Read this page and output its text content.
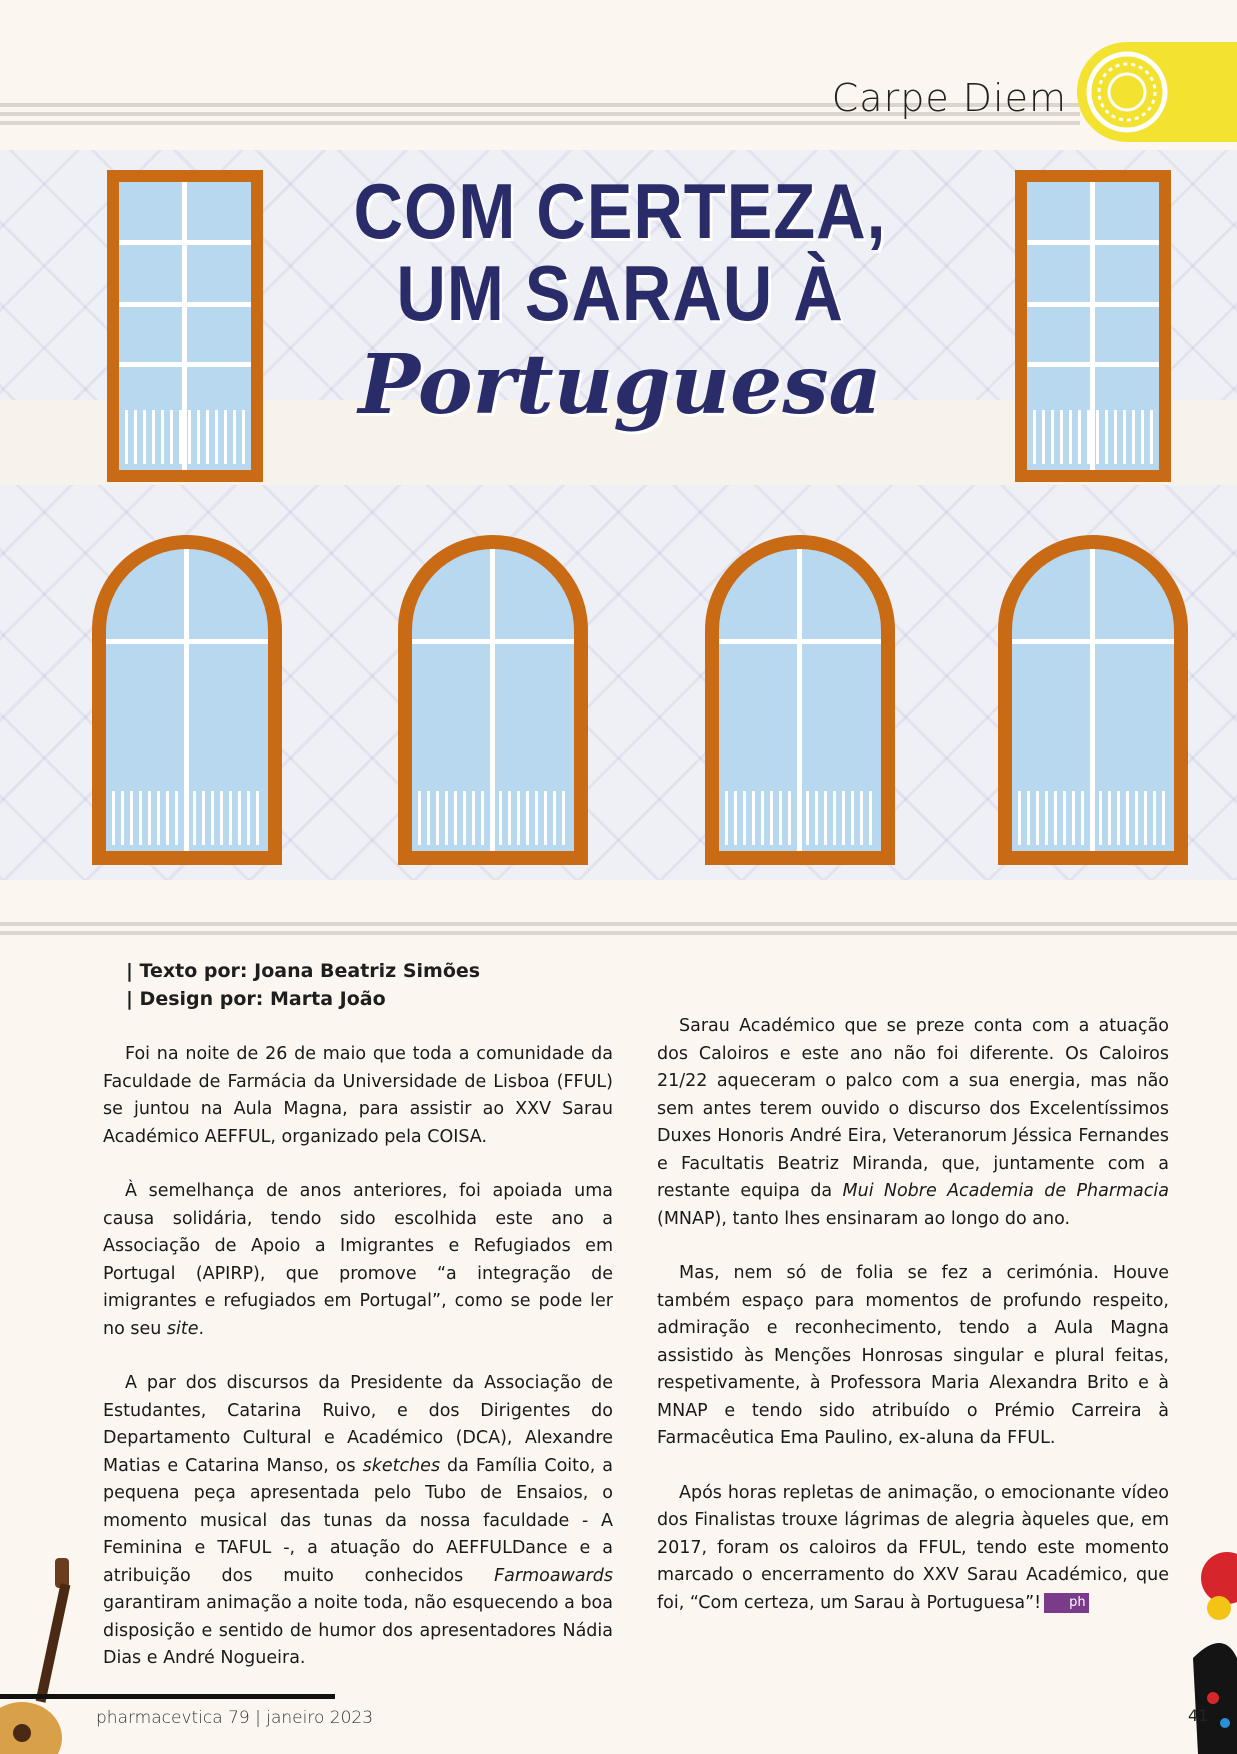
Carpe Diem
COM CERTEZA,
UM SARAU À
Portuguesa
| Texto por: Joana Beatriz Simões
| Design por: Marta João

Foi na noite de 26 de maio que toda a comunidade da Faculdade de Farmácia da Universidade de Lisboa (FFUL) se juntou na Aula Magna, para assistir ao XXV Sarau Académico AEFFUL, organizado pela COISA.

À semelhança de anos anteriores, foi apoiada uma causa solidária, tendo sido escolhida este ano a Associação de Apoio a Imigrantes e Refugiados em Portugal (APIRP), que promove “a integração de imigrantes e refugiados em Portugal”, como se pode ler no seu site.

A par dos discursos da Presidente da Associação de Estudantes, Catarina Ruivo, e dos Dirigentes do Departamento Cultural e Académico (DCA), Alexandre Matias e Catarina Manso, os sketches da Família Coito, a pequena peça apresentada pelo Tubo de Ensaios, o momento musical das tunas da nossa faculdade - A Feminina e TAFUL -, a atuação do AEFFULDance e a atribuição dos muito conhecidos Farmoawards garantiram animação a noite toda, não esquecendo a boa disposição e sentido de humor dos apresentadores Nádia Dias e André Nogueira.

Sarau Académico que se preze conta com a atuação dos Caloiros e este ano não foi diferente. Os Caloiros 21/22 aqueceram o palco com a sua energia, mas não sem antes terem ouvido o discurso dos Excelentíssimos Duxes Honoris André Eira, Veteranorum Jéssica Fernandes e Facultatis Beatriz Miranda, que, juntamente com a restante equipa da Mui Nobre Academia de Pharmacia (MNAP), tanto lhes ensinaram ao longo do ano.

Mas, nem só de folia se fez a cerimónia. Houve também espaço para momentos de profundo respeito, admiração e reconhecimento, tendo a Aula Magna assistido às Menções Honrosas singular e plural feitas, respetivamente, à Professora Maria Alexandra Brito e à MNAP e tendo sido atribuído o Prémio Carreira à Farmacêutica Ema Paulino, ex-aluna da FFUL.

Após horas repletas de animação, o emocionante vídeo dos Finalistas trouxe lágrimas de alegria àqueles que, em 2017, foram os caloiros da FFUL, tendo este momento marcado o encerramento do XXV Sarau Académico, que foi, “Com certeza, um Sarau à Portuguesa”! ph

pharmacevtica 79 | janeiro 2023	41
